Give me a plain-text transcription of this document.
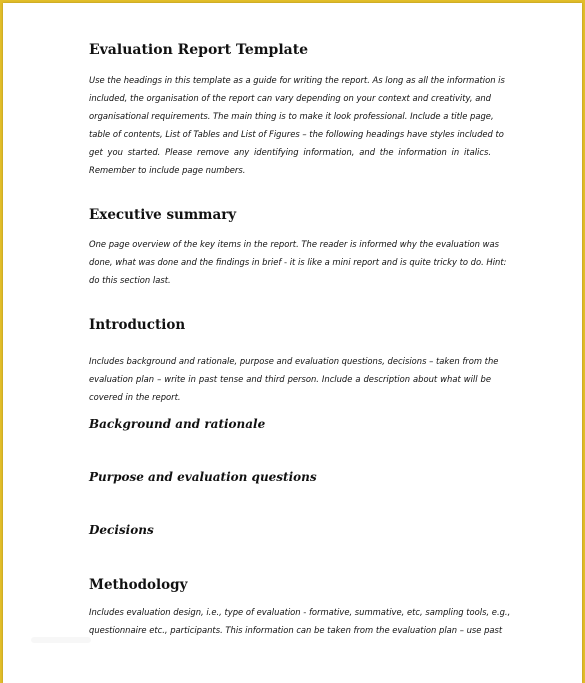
Evaluation Report Template
Use the headings in this template as a guide for writing the report. As long as all the information is
included, the organisation of the report can vary depending on your context and creativity, and
organisational requirements. The main thing is to make it look professional. Include a title page,
table of contents, List of Tables and List of Figures – the following headings have styles included to
get you started. Please remove any identifying information, and the information in italics.
Remember to include page numbers.
Executive summary
One page overview of the key items in the report. The reader is informed why the evaluation was
done, what was done and the findings in brief - it is like a mini report and is quite tricky to do. Hint:
do this section last.
Introduction
Includes background and rationale, purpose and evaluation questions, decisions – taken from the
evaluation plan – write in past tense and third person. Include a description about what will be
covered in the report.
Background and rationale
Purpose and evaluation questions
Decisions
Methodology
Includes evaluation design, i.e., type of evaluation - formative, summative, etc, sampling tools, e.g.,
questionnaire etc., participants. This information can be taken from the evaluation plan – use past
